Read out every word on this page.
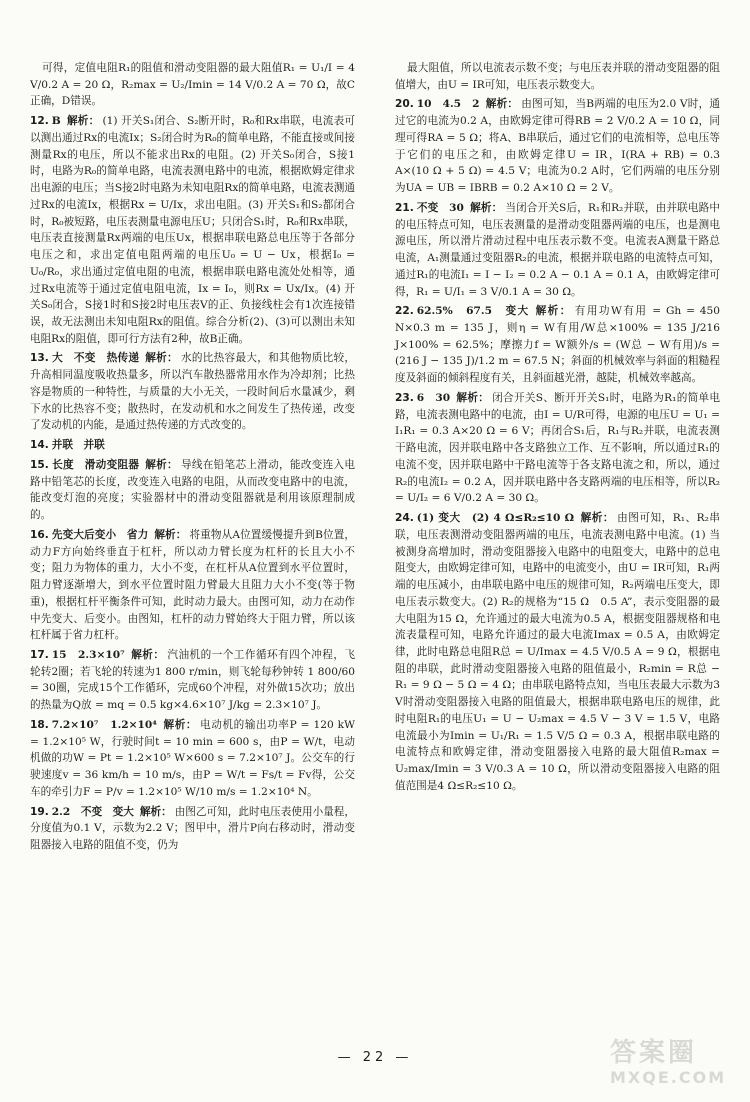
可得，定值电阻R₁的阻值和滑动变阻器的最大阻值R₁ = U₁/I = 4 V/0.2 A = 20 Ω，R₂max = U₂/Imin = 14 V/0.2 A = 70 Ω，故C正确，D错误。

12. B 解析： (1) 开关S₁闭合、S₂断开时，R₀和Rx串联，电流表可以测出通过Rx的电流Ix；S₂闭合时为R₀的简单电路，不能直接或间接测量Rx的电压，所以不能求出Rx的电阻。(2) 开关S₀闭合，S接1时，电路为R₀的简单电路，电流表测电路中的电流，根据欧姆定律求出电源的电压；当S接2时电路为未知电阻Rx的简单电路，电流表测通过Rx的电流Ix，根据Rx = U/Ix，求出电阻。(3) 开关S₁和S₂都闭合时，R₀被短路，电压表测量电源电压U；只闭合S₁时，R₀和Rx串联，电压表直接测量Rx两端的电压Ux，根据串联电路总电压等于各部分电压之和，求出定值电阻两端的电压U₀ = U − Ux，根据I₀ = U₀/R₀，求出通过定值电阻的电流，根据串联电路电流处处相等，通过Rx电流等于通过定值电阻电流，Ix = I₀，则Rx = Ux/Ix。(4) 开关S₀闭合，S接1时和S接2时电压表V的正、负接线柱会有1次连接错误，故无法测出未知电阻Rx的阻值。综合分析(2)、(3)可以测出未知电阻Rx的阻值，即可行方法有2种，故B正确。

13. 大　不变　热传递 解析： 水的比热容最大，和其他物质比较，升高相同温度吸收热量多，所以汽车散热器常用水作为冷却剂；比热容是物质的一种特性，与质量的大小无关，一段时间后水量减少，剩下水的比热容不变；散热时，在发动机和水之间发生了热传递，改变了发动机的内能，是通过热传递的方式改变的。

14. 并联　并联

15. 长度　滑动变阻器 解析： 导线在铅笔芯上滑动，能改变连入电路中铅笔芯的长度，改变连入电路的电阻，从而改变电路中的电流，能改变灯泡的亮度；实验器材中的滑动变阻器就是利用该原理制成的。

16. 先变大后变小　省力 解析： 将重物从A位置缓慢提升到B位置，动力F方向始终垂直于杠杆，所以动力臂长度为杠杆的长且大小不变；阻力为物体的重力，大小不变，在杠杆从A位置到水平位置时，阻力臂逐渐增大，到水平位置时阻力臂最大且阻力大小不变(等于物重)，根据杠杆平衡条件可知，此时动力最大。由图可知，动力在动作中先变大、后变小。由图知，杠杆的动力臂始终大于阻力臂，所以该杠杆属于省力杠杆。

17. 15　2.3×10⁷ 解析： 汽油机的一个工作循环有四个冲程，飞轮转2圈；若飞轮的转速为1 800 r/min，则飞轮每秒钟转 1 800/60 = 30圈，完成15个工作循环，完成60个冲程，对外做15次功；放出的热量为Q放 = mq = 0.5 kg×4.6×10⁷ J/kg = 2.3×10⁷ J。

18. 7.2×10⁷　1.2×10⁴ 解析： 电动机的输出功率P = 120 kW = 1.2×10⁵ W，行驶时间t = 10 min = 600 s，由P = W/t，电动机做的功W = Pt = 1.2×10⁵ W×600 s = 7.2×10⁷ J。公交车的行驶速度v = 36 km/h = 10 m/s，由P = W/t = Fs/t = Fv得，公交车的牵引力F = P/v = 1.2×10⁵ W/10 m/s = 1.2×10⁴ N。

19. 2.2　不变　变大 解析： 由图乙可知，此时电压表使用小量程，分度值为0.1 V，示数为2.2 V；图甲中，滑片P向右移动时，滑动变阻器接入电路的阻值不变，仍为

最大阻值，所以电流表示数不变；与电压表并联的滑动变阻器的阻值增大，由U = IR可知，电压表示数变大。

20. 10　4.5　2 解析： 由图可知，当B两端的电压为2.0 V时，通过它的电流为0.2 A，由欧姆定律可得RB = 2 V/0.2 A = 10 Ω，同理可得RA = 5 Ω；将A、B串联后，通过它们的电流相等，总电压等于它们的电压之和，由欧姆定律U = IR，I(RA + RB) = 0.3 A×(10 Ω + 5 Ω) = 4.5 V；电流为0.2 A时，它们两端的电压分别为UA = UB = IBRB = 0.2 A×10 Ω = 2 V。

21. 不变　30 解析： 当闭合开关S后，R₁和R₂并联，由并联电路中的电压特点可知，电压表测量的是滑动变阻器两端的电压，也是测电源电压，所以滑片滑动过程中电压表示数不变。电流表A测量干路总电流，A₁测量通过变阻器R₂的电流，根据并联电路的电流特点可知，通过R₁的电流I₁ = I − I₂ = 0.2 A − 0.1 A = 0.1 A，由欧姆定律可得，R₁ = U/I₁ = 3 V/0.1 A = 30 Ω。

22. 62.5%　67.5　变大 解析： 有用功W有用 = Gh = 450 N×0.3 m = 135 J，则η = W有用/W总×100% = 135 J/216 J×100% = 62.5%；摩擦力f = W额外/s = (W总 − W有用)/s = (216 J − 135 J)/1.2 m = 67.5 N；斜面的机械效率与斜面的粗糙程度及斜面的倾斜程度有关，且斜面越光滑，越陡，机械效率越高。

23. 6　30 解析： 闭合开关S、断开开关S₁时，电路为R₁的简单电路，电流表测电路中的电流，由I = U/R可得，电源的电压U = U₁ = I₁R₁ = 0.3 A×20 Ω = 6 V；再闭合S₁后，R₁与R₂并联，电流表测干路电流，因并联电路中各支路独立工作、互不影响，所以通过R₁的电流不变，因并联电路中干路电流等于各支路电流之和，所以，通过R₂的电流I₂ = 0.2 A，因并联电路中各支路两端的电压相等，所以R₂ = U/I₂ = 6 V/0.2 A = 30 Ω。

24. (1) 变大　(2) 4 Ω≤R₂≤10 Ω 解析： 由图可知，R₁、R₂串联，电压表测滑动变阻器两端的电压，电流表测电路中电流。(1) 当被测身高增加时，滑动变阻器接入电路中的电阻变大，电路中的总电阻变大，由欧姆定律可知，电路中的电流变小，由U = IR可知，R₁两端的电压减小，由串联电路中电压的规律可知，R₂两端电压变大，即电压表示数变大。(2) R₂的规格为“15 Ω　0.5 A”，表示变阻器的最大电阻为15 Ω，允许通过的最大电流为0.5 A，根据变阻器规格和电流表量程可知，电路允许通过的最大电流Imax = 0.5 A，由欧姆定律，此时电路总电阻R总 = U/Imax = 4.5 V/0.5 A = 9 Ω，根据电阻的串联，此时滑动变阻器接入电路的阻值最小，R₂min = R总 − R₁ = 9 Ω − 5 Ω = 4 Ω；由串联电路特点知，当电压表最大示数为3 V时滑动变阻器接入电路的阻值最大，根据串联电路电压的规律，此时电阻R₁的电压U₁ = U − U₂max = 4.5 V − 3 V = 1.5 V，电路电流最小为Imin = U₁/R₁ = 1.5 V/5 Ω = 0.3 A，根据串联电路的电流特点和欧姆定律，滑动变阻器接入电路的最大阻值R₂max = U₂max/Imin = 3 V/0.3 A = 10 Ω，所以滑动变阻器接入电路的阻值范围是4 Ω≤R₂≤10 Ω。

— 22 —	答案圈
MXQE.COM
